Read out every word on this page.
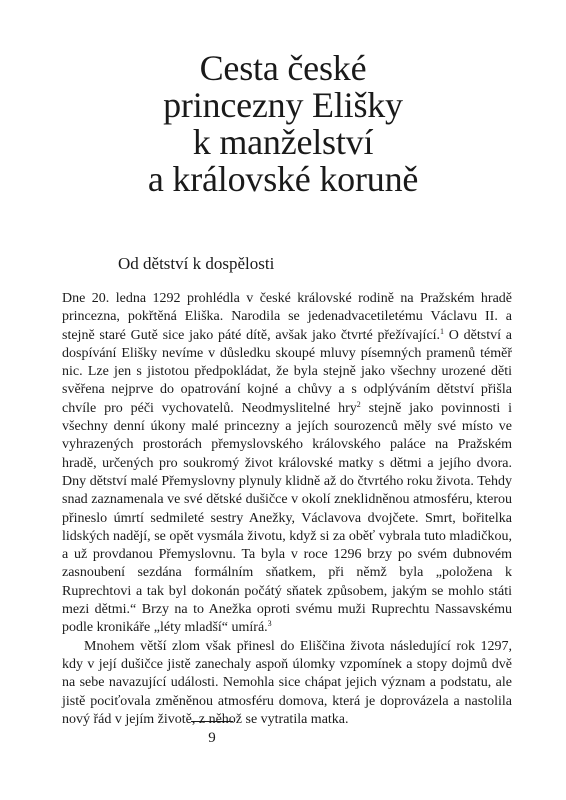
Cesta české
princezny Elišky
k manželství
a královské koruně
Od dětství k dospělosti

Dne 20. ledna 1292 prohlédla v české královské rodině na Pražském hradě princezna, pokřtěná Eliška. Narodila se jedenadvacetiletému Václavu II. a stejně staré Gutě sice jako páté dítě, avšak jako čtvrté přežívající.$^1$ O dětství a dospívání Elišky nevíme v důsledku skoupé mluvy písemných pramenů téměř nic. Lze jen s jistotou předpokládat, že byla stejně jako všechny urozené děti svěřena nejprve do opatrování kojné a chůvy a s odplýváním dětství přišla chvíle pro péči vychovatelů. Neodmyslitelné hry$^2$ stejně jako povinnosti i všechny denní úkony malé princezny a jejích sourozenců měly své místo ve vyhrazených prostorách přemyslovského královského paláce na Pražském hradě, určených pro soukromý život královské matky s dětmi a jejího dvora. Dny dětství malé Přemyslovny plynuly klidně až do čtvrtého roku života. Tehdy snad zaznamenala ve své dětské dušičce v okolí zneklidněnou atmosféru, kterou přineslo úmrtí sedmileté sestry Anežky, Václavova dvojčete. Smrt, bořitelka lidských nadějí, se opět vysmála životu, když si za oběť vybrala tuto mladičkou, a už provdanou Přemyslovnu. Ta byla v roce 1296 brzy po svém dubnovém zasnoubení sezdána formálním sňatkem, při němž byla „položena k Ruprechtovi a tak byl dokonán počátý sňatek způsobem, jakým se mohlo státi mezi dětmi.“ Brzy na to Anežka oproti svému muži Ruprechtu Nassavskému podle kronikáře „léty mladší“ umírá.$^3$

Mnohem větší zlom však přinesl do Eliščina života následující rok 1297, kdy v její dušičce jistě zanechaly aspoň úlomky vzpomínek a stopy dojmů dvě na sebe navazující události. Nemohla sice chápat jejich význam a podstatu, ale jistě pociťovala změněnou atmosféru domova, která je doprovázela a nastolila nový řád v jejím životě, z něhož se vytratila matka.

9
